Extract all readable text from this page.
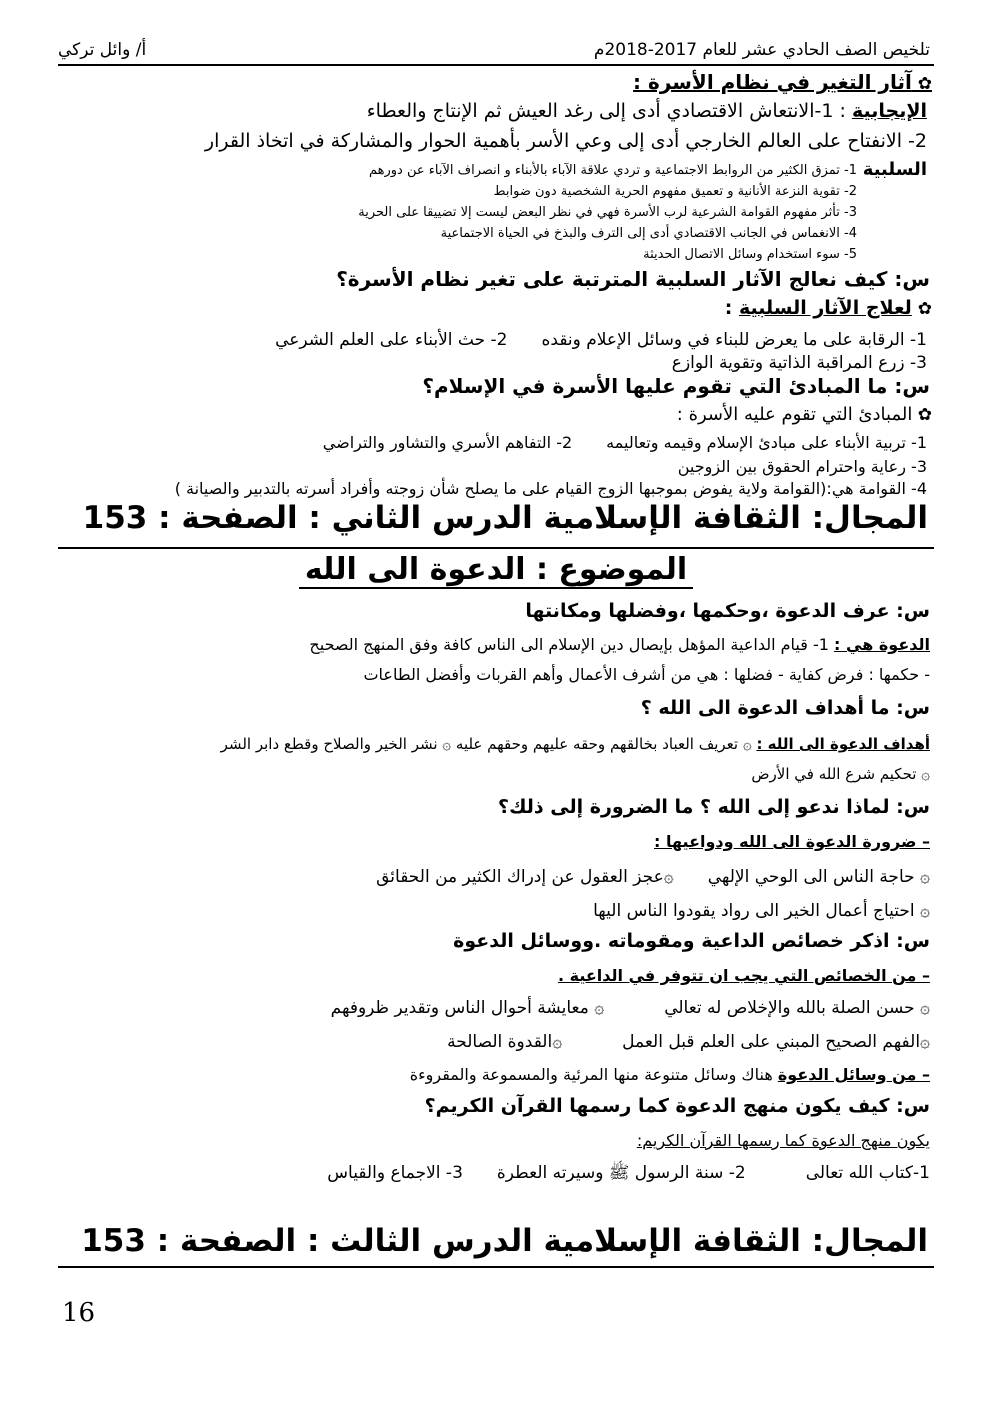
تلخيص الصف الحادي عشر للعام 2017-2018م
أ/ وائل تركي
✿ آثار التغير في نظام الأسرة :
الإيجابية : 1-الانتعاش الاقتصادي أدى إلى رغد العيش ثم الإنتاج والعطاء
2- الانفتاح على العالم الخارجي أدى إلى وعي الأسر بأهمية الحوار والمشاركة في اتخاذ القرار
السلبية
1- تمزق الكثير من الروابط الاجتماعية و تردي علاقة الآباء بالأبناء و انصراف الآباء عن دورهم
2- تقوية النزعة الأنانية و تعميق مفهوم الحرية الشخصية دون ضوابط
3- تأثر مفهوم القوامة الشرعية لرب الأسرة فهي في نظر البعض ليست إلا تضييقا على الحرية
4- الانغماس في الجانب الاقتصادي أدى إلى الترف والبذخ في الحياة الاجتماعية
5- سوء استخدام وسائل الاتصال الحديثة
س: كيف نعالج الآثار السلبية المترتبة على تغير نظام الأسرة؟
✿ لعلاج الآثار السلبية :
1- الرقابة على ما يعرض للبناء في وسائل الإعلام ونقده2- حث الأبناء على العلم الشرعي
3- زرع المراقبة الذاتية وتقوية الوازع
س: ما المبادئ التي تقوم عليها الأسرة في الإسلام؟
✿ المبادئ التي تقوم عليه الأسرة :
1- تربية الأبناء على مبادئ الإسلام وقيمه وتعاليمه2- التفاهم الأسري والتشاور والتراضي
3- رعاية واحترام الحقوق بين الزوجين
4- القوامة هي:(القوامة ولاية يفوض بموجبها الزوج القيام على ما يصلح شأن زوجته وأفراد أسرته بالتدبير والصيانة )
المجال: الثقافة الإسلامية الدرس الثاني : الصفحة : 153
الموضوع : الدعوة الى الله
س: عرف الدعوة ،وحكمها ،وفضلها ومكانتها
الدعوة هي : 1- قيام الداعية المؤهل بإيصال دين الإسلام الى الناس كافة وفق المنهج الصحيح
- حكمها : فرض كفاية - فضلها : هي من أشرف الأعمال وأهم القربات وأفضل الطاعات
س: ما أهداف الدعوة الى الله ؟
أهداف الدعوة الى الله : ۞ تعريف العباد بخالقهم وحقه عليهم وحقهم عليه ۞ نشر الخير والصلاح وقطع دابر الشر
۞ تحكيم شرع الله في الأرض
س: لماذا ندعو إلى الله ؟ ما الضرورة إلى ذلك؟
– ضرورة الدعوة الى الله ودواعيها :
۞ حاجة الناس الى الوحي الإلهي۞عجز العقول عن إدراك الكثير من الحقائق
۞ احتياج أعمال الخير الى رواد يقودوا الناس اليها
س: اذكر خصائص الداعية ومقوماته .ووسائل الدعوة
– من الخصائص التي يجب ان تتوفر في الداعية .
۞ حسن الصلة بالله والإخلاص له تعالي۞ معايشة أحوال الناس وتقدير ظروفهم
۞الفهم الصحيح المبني على العلم قبل العمل۞القدوة الصالحة
– من وسائل الدعوة هناك وسائل متنوعة منها المرئية والمسموعة والمقروءة
س: كيف يكون منهج الدعوة كما رسمها القرآن الكريم؟
يكون منهج الدعوة كما رسمها القرآن الكريم:
1-كتاب الله تعالى2- سنة الرسول ﷺ وسيرته العطرة3- الاجماع والقياس
المجال: الثقافة الإسلامية الدرس الثالث : الصفحة : 153
16
